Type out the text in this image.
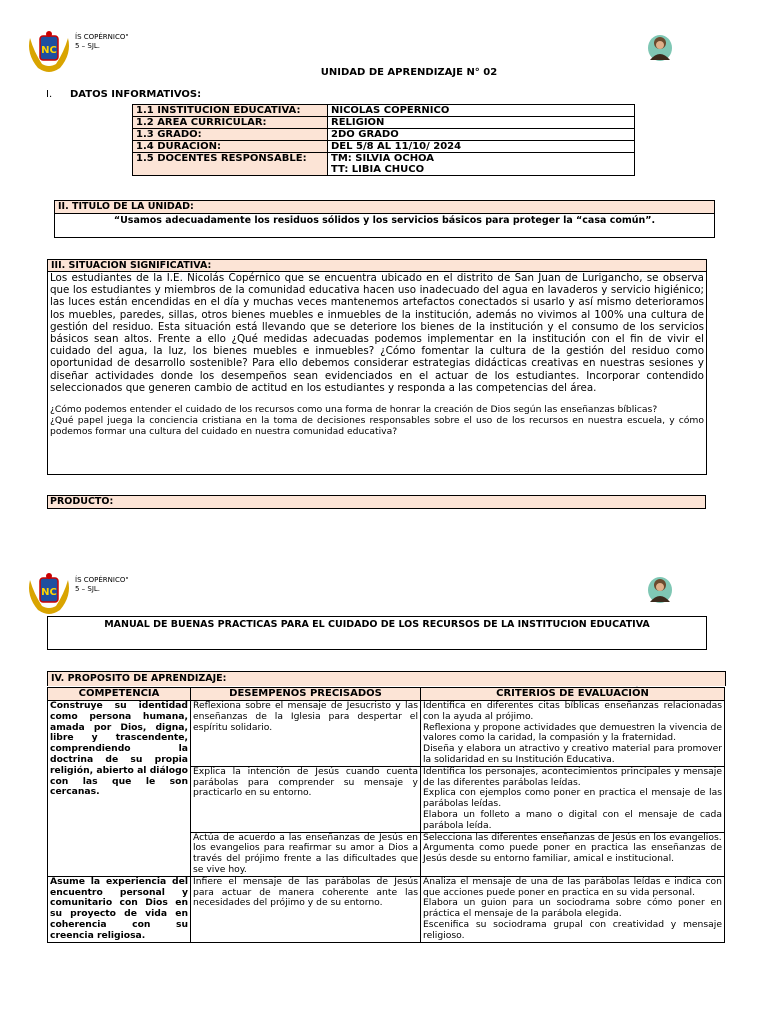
NC
ÍS COPÉRNICO"
5 – SJL.
UNIDAD DE APRENDIZAJE N° 02
I. DATOS INFORMATIVOS:
1.1 INSTITUCION EDUCATIVA:	NICOLAS COPERNICO
1.2 AREA CURRICULAR:	RELIGION
1.3 GRADO:	2DO GRADO
1.4 DURACION:	DEL 5/8 AL 11/10/ 2024
1.5 DOCENTES RESPONSABLE:	TM: SILVIA OCHOA
TT: LIBIA CHUCO
II. TITULO DE LA UNIDAD:
“Usamos adecuadamente los residuos sólidos y los servicios básicos para proteger la “casa común”.
III. SITUACION SIGNIFICATIVA:
Los estudiantes de la I.E. Nicolás Copérnico que se encuentra ubicado en el distrito de San Juan de Lurigancho, se observa que los estudiantes y miembros de la comunidad educativa hacen uso inadecuado del agua en lavaderos y servicio higiénico; las luces están encendidas en el día y muchas veces mantenemos artefactos conectados si usarlo y así mismo deterioramos los muebles, paredes, sillas, otros bienes muebles e inmuebles de la institución, además no vivimos al 100% una cultura de gestión del residuo. Esta situación está llevando que se deteriore los bienes de la institución y el consumo de los servicios básicos sean altos. Frente a ello ¿Qué medidas adecuadas podemos implementar en la institución con el fin de vivir el cuidado del agua, la luz, los bienes muebles e inmuebles? ¿Cómo fomentar la cultura de la gestión del residuo como oportunidad de desarrollo sostenible? Para ello debemos considerar estrategias didácticas creativas en nuestras sesiones y diseñar actividades donde los desempeños sean evidenciados en el actuar de los estudiantes. Incorporar contendido seleccionados que generen cambio de actitud en los estudiantes y responda a las competencias del área.
¿Cómo podemos entender el cuidado de los recursos como una forma de honrar la creación de Dios según las enseñanzas bíblicas?
¿Qué papel juega la conciencia cristiana en la toma de decisiones responsables sobre el uso de los recursos en nuestra escuela, y cómo podemos formar una cultura del cuidado en nuestra comunidad educativa?
PRODUCTO:
NC
ÍS COPÉRNICO"
5 – SJL.
MANUAL DE BUENAS PRACTICAS PARA EL CUIDADO DE LOS RECURSOS DE LA INSTITUCION EDUCATIVA
IV. PROPOSITO DE APRENDIZAJE:
COMPETENCIA	DESEMPEÑOS PRECISADOS	CRITERIOS DE EVALUACIÓN
Construye su identidad como persona humana, amada por Dios, digna, libre y trascendente, comprendiendo la doctrina de su propia religión, abierto al diálogo con las que le son cercanas.	Reflexiona sobre el mensaje de Jesucristo y las enseñanzas de la Iglesia para despertar el espíritu solidario.	Identifica en diferentes citas bíblicas enseñanzas relacionadas con la ayuda al prójimo.

Reflexiona y propone actividades que demuestren la vivencia de valores como la caridad, la compasión y la fraternidad.

Diseña y elabora un atractivo y creativo material para promover la solidaridad en su Institución Educativa.

	Explica la intención de Jesús cuando cuenta parábolas para comprender su mensaje y practicarlo en su entorno.	Identifica los personajes, acontecimientos principales y mensaje de las diferentes parábolas leídas.

Explica con ejemplos como poner en practica el mensaje de las parábolas leídas.

Elabora un folleto a mano o digital con el mensaje de cada parábola leída.

	Actúa de acuerdo a las enseñanzas de Jesús en los evangelios para reafirmar su amor a Dios a través del prójimo frente a las dificultades que se vive hoy.	Selecciona las diferentes enseñanzas de Jesús en los evangelios.

Argumenta como puede poner en practica las enseñanzas de Jesús desde su entorno familiar, amical e institucional.

Asume la experiencia del encuentro personal y comunitario con Dios en su proyecto de vida en coherencia con su creencia religiosa.	Infiere el mensaje de las parábolas de Jesús para actuar de manera coherente ante las necesidades del prójimo y de su entorno.	Analiza el mensaje de una de las parábolas leídas e indica con que acciones puede poner en practica en su vida personal.

Elabora un guion para un sociodrama sobre cómo poner en práctica el mensaje de la parábola elegida.

Escenifica su sociodrama grupal con creatividad y mensaje religioso.
